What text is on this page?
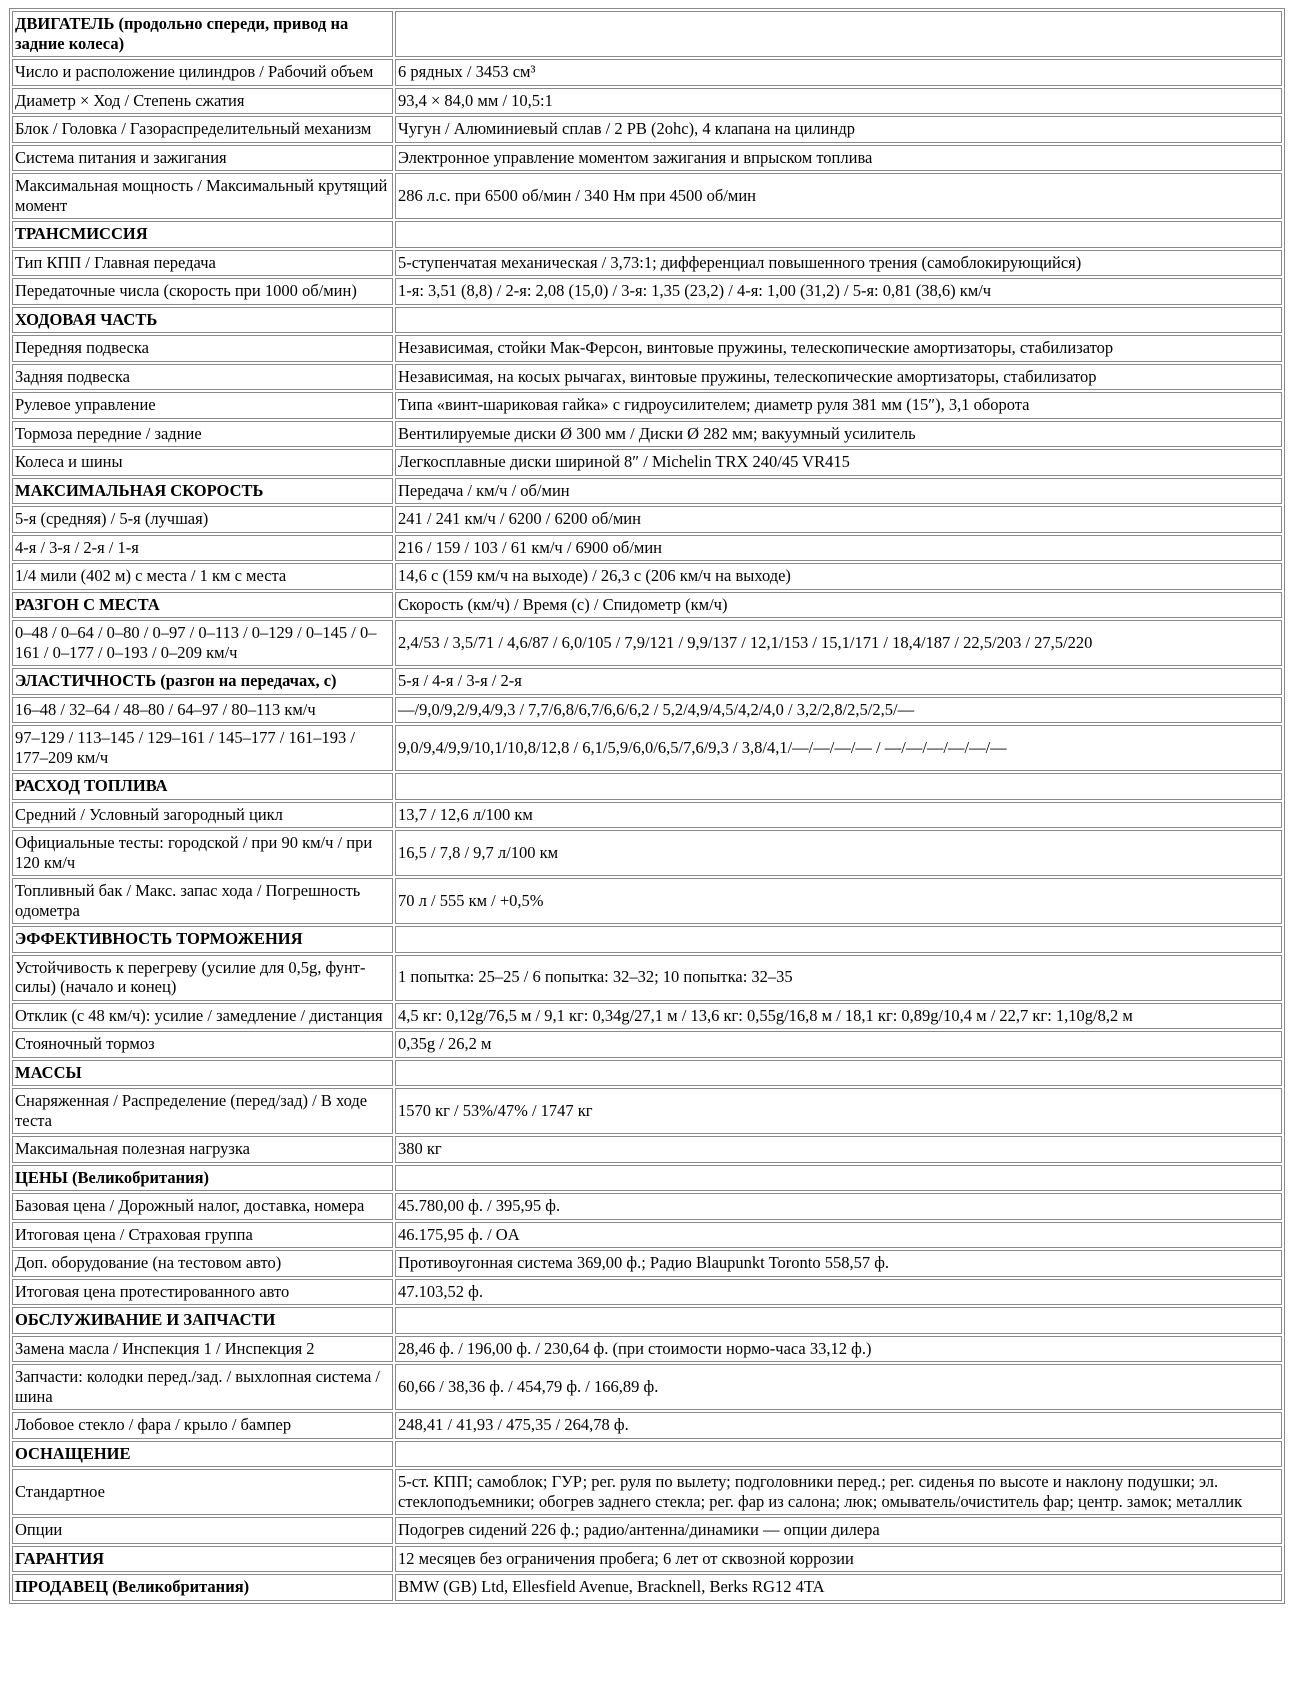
ДВИГАТЕЛЬ (продольно спереди, привод на задние колеса)	
Число и расположение цилиндров / Рабочий объем	6 рядных / 3453 см³
Диаметр × Ход / Степень сжатия	93,4 × 84,0 мм / 10,5:1
Блок / Головка / Газораспределительный механизм	Чугун / Алюминиевый сплав / 2 РВ (2ohc), 4 клапана на цилиндр
Система питания и зажигания	Электронное управление моментом зажигания и впрыском топлива
Максимальная мощность / Максимальный крутящий момент	286 л.с. при 6500 об/мин / 340 Нм при 4500 об/мин
ТРАНСМИССИЯ	
Тип КПП / Главная передача	5-ступенчатая механическая / 3,73:1; дифференциал повышенного трения (самоблокирующийся)
Передаточные числа (скорость при 1000 об/мин)	1-я: 3,51 (8,8) / 2-я: 2,08 (15,0) / 3-я: 1,35 (23,2) / 4-я: 1,00 (31,2) / 5-я: 0,81 (38,6) км/ч
ХОДОВАЯ ЧАСТЬ	
Передняя подвеска	Независимая, стойки Мак-Ферсон, винтовые пружины, телескопические амортизаторы, стабилизатор
Задняя подвеска	Независимая, на косых рычагах, винтовые пружины, телескопические амортизаторы, стабилизатор
Рулевое управление	Типа «винт-шариковая гайка» с гидроусилителем; диаметр руля 381 мм (15″), 3,1 оборота
Тормоза передние / задние	Вентилируемые диски Ø 300 мм / Диски Ø 282 мм; вакуумный усилитель
Колеса и шины	Легкосплавные диски шириной 8″ / Michelin TRX 240/45 VR415
МАКСИМАЛЬНАЯ СКОРОСТЬ	Передача / км/ч / об/мин
5-я (средняя) / 5-я (лучшая)	241 / 241 км/ч / 6200 / 6200 об/мин
4-я / 3-я / 2-я / 1-я	216 / 159 / 103 / 61 км/ч / 6900 об/мин
1/4 мили (402 м) с места / 1 км с места	14,6 с (159 км/ч на выходе) / 26,3 с (206 км/ч на выходе)
РАЗГОН С МЕСТА	Скорость (км/ч) / Время (с) / Спидометр (км/ч)
0–48 / 0–64 / 0–80 / 0–97 / 0–113 / 0–129 / 0–145 / 0–161 / 0–177 / 0–193 / 0–209 км/ч	2,4/53 / 3,5/71 / 4,6/87 / 6,0/105 / 7,9/121 / 9,9/137 / 12,1/153 / 15,1/171 / 18,4/187 / 22,5/203 / 27,5/220
ЭЛАСТИЧНОСТЬ (разгон на передачах, с)	5-я / 4-я / 3-я / 2-я
16–48 / 32–64 / 48–80 / 64–97 / 80–113 км/ч	—/9,0/9,2/9,4/9,3 / 7,7/6,8/6,7/6,6/6,2 / 5,2/4,9/4,5/4,2/4,0 / 3,2/2,8/2,5/2,5/—
97–129 / 113–145 / 129–161 / 145–177 / 161–193 / 177–209 км/ч	9,0/9,4/9,9/10,1/10,8/12,8 / 6,1/5,9/6,0/6,5/7,6/9,3 / 3,8/4,1/—/—/—/— / —/—/—/—/—/—
РАСХОД ТОПЛИВА	
Средний / Условный загородный цикл	13,7 / 12,6 л/100 км
Официальные тесты: городской / при 90 км/ч / при 120 км/ч	16,5 / 7,8 / 9,7 л/100 км
Топливный бак / Макс. запас хода / Погрешность одометра	70 л / 555 км / +0,5%
ЭФФЕКТИВНОСТЬ ТОРМОЖЕНИЯ	
Устойчивость к перегреву (усилие для 0,5g, фунт-силы) (начало и конец)	1 попытка: 25–25 / 6 попытка: 32–32; 10 попытка: 32–35
Отклик (с 48 км/ч): усилие / замедление / дистанция	4,5 кг: 0,12g/76,5 м / 9,1 кг: 0,34g/27,1 м / 13,6 кг: 0,55g/16,8 м / 18,1 кг: 0,89g/10,4 м / 22,7 кг: 1,10g/8,2 м
Стояночный тормоз	0,35g / 26,2 м
МАССЫ	
Снаряженная / Распределение (перед/зад) / В ходе теста	1570 кг / 53%/47% / 1747 кг
Максимальная полезная нагрузка	380 кг
ЦЕНЫ (Великобритания)	
Базовая цена / Дорожный налог, доставка, номера	45.780,00 ф. / 395,95 ф.
Итоговая цена / Страховая группа	46.175,95 ф. / OA
Доп. оборудование (на тестовом авто)	Противоугонная система 369,00 ф.; Радио Blaupunkt Toronto 558,57 ф.
Итоговая цена протестированного авто	47.103,52 ф.
ОБСЛУЖИВАНИЕ И ЗАПЧАСТИ	
Замена масла / Инспекция 1 / Инспекция 2	28,46 ф. / 196,00 ф. / 230,64 ф. (при стоимости нормо-часа 33,12 ф.)
Запчасти: колодки перед./зад. / выхлопная система / шина	60,66 / 38,36 ф. / 454,79 ф. / 166,89 ф.
Лобовое стекло / фара / крыло / бампер	248,41 / 41,93 / 475,35 / 264,78 ф.
ОСНАЩЕНИЕ	
Стандартное	5-ст. КПП; самоблок; ГУР; рег. руля по вылету; подголовники перед.; рег. сиденья по высоте и наклону подушки; эл. стеклоподъемники; обогрев заднего стекла; рег. фар из салона; люк; омыватель/очиститель фар; центр. замок; металлик
Опции	Подогрев сидений 226 ф.; радио/антенна/динамики — опции дилера
ГАРАНТИЯ	12 месяцев без ограничения пробега; 6 лет от сквозной коррозии
ПРОДАВЕЦ (Великобритания)	BMW (GB) Ltd, Ellesfield Avenue, Bracknell, Berks RG12 4TA
